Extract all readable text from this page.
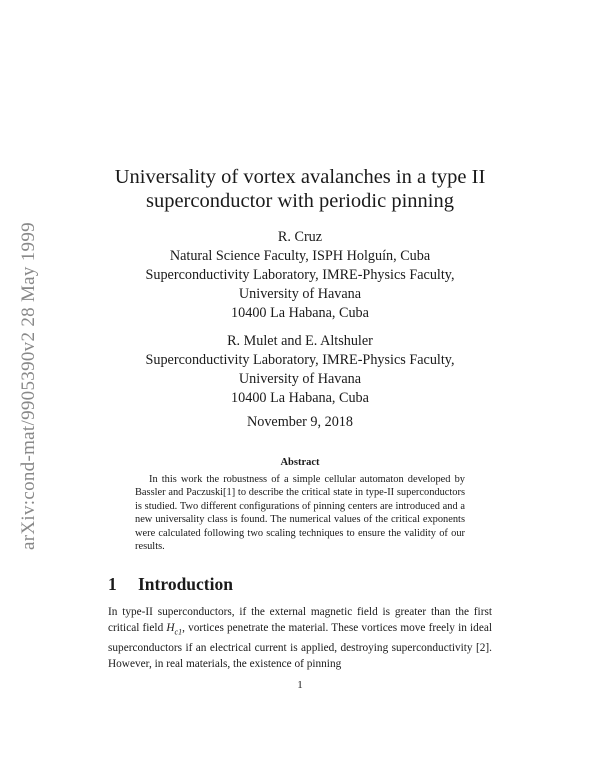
arXiv:cond-mat/9905390v2 28 May 1999
Universality of vortex avalanches in a type II
superconductor with periodic pinning
R. Cruz
Natural Science Faculty, ISPH Holguín, Cuba
Superconductivity Laboratory, IMRE-Physics Faculty,
University of Havana
10400 La Habana, Cuba
R. Mulet and E. Altshuler
Superconductivity Laboratory, IMRE-Physics Faculty,
University of Havana
10400 La Habana, Cuba
November 9, 2018
Abstract

In this work the robustness of a simple cellular automaton developed by Bassler and Paczuski[1] to describe the critical state in type-II superconductors is studied. Two different configurations of pinning centers are introduced and a new universality class is found. The numerical values of the critical exponents were calculated following two scaling techniques to ensure the validity of our results.

1 Introduction

In type-II superconductors, if the external magnetic field is greater than the first critical field $H_{c1}$, vortices penetrate the material. These vortices move freely in ideal superconductors if an electrical current is applied, destroying superconductivity [2]. However, in real materials, the existence of pinning

1
